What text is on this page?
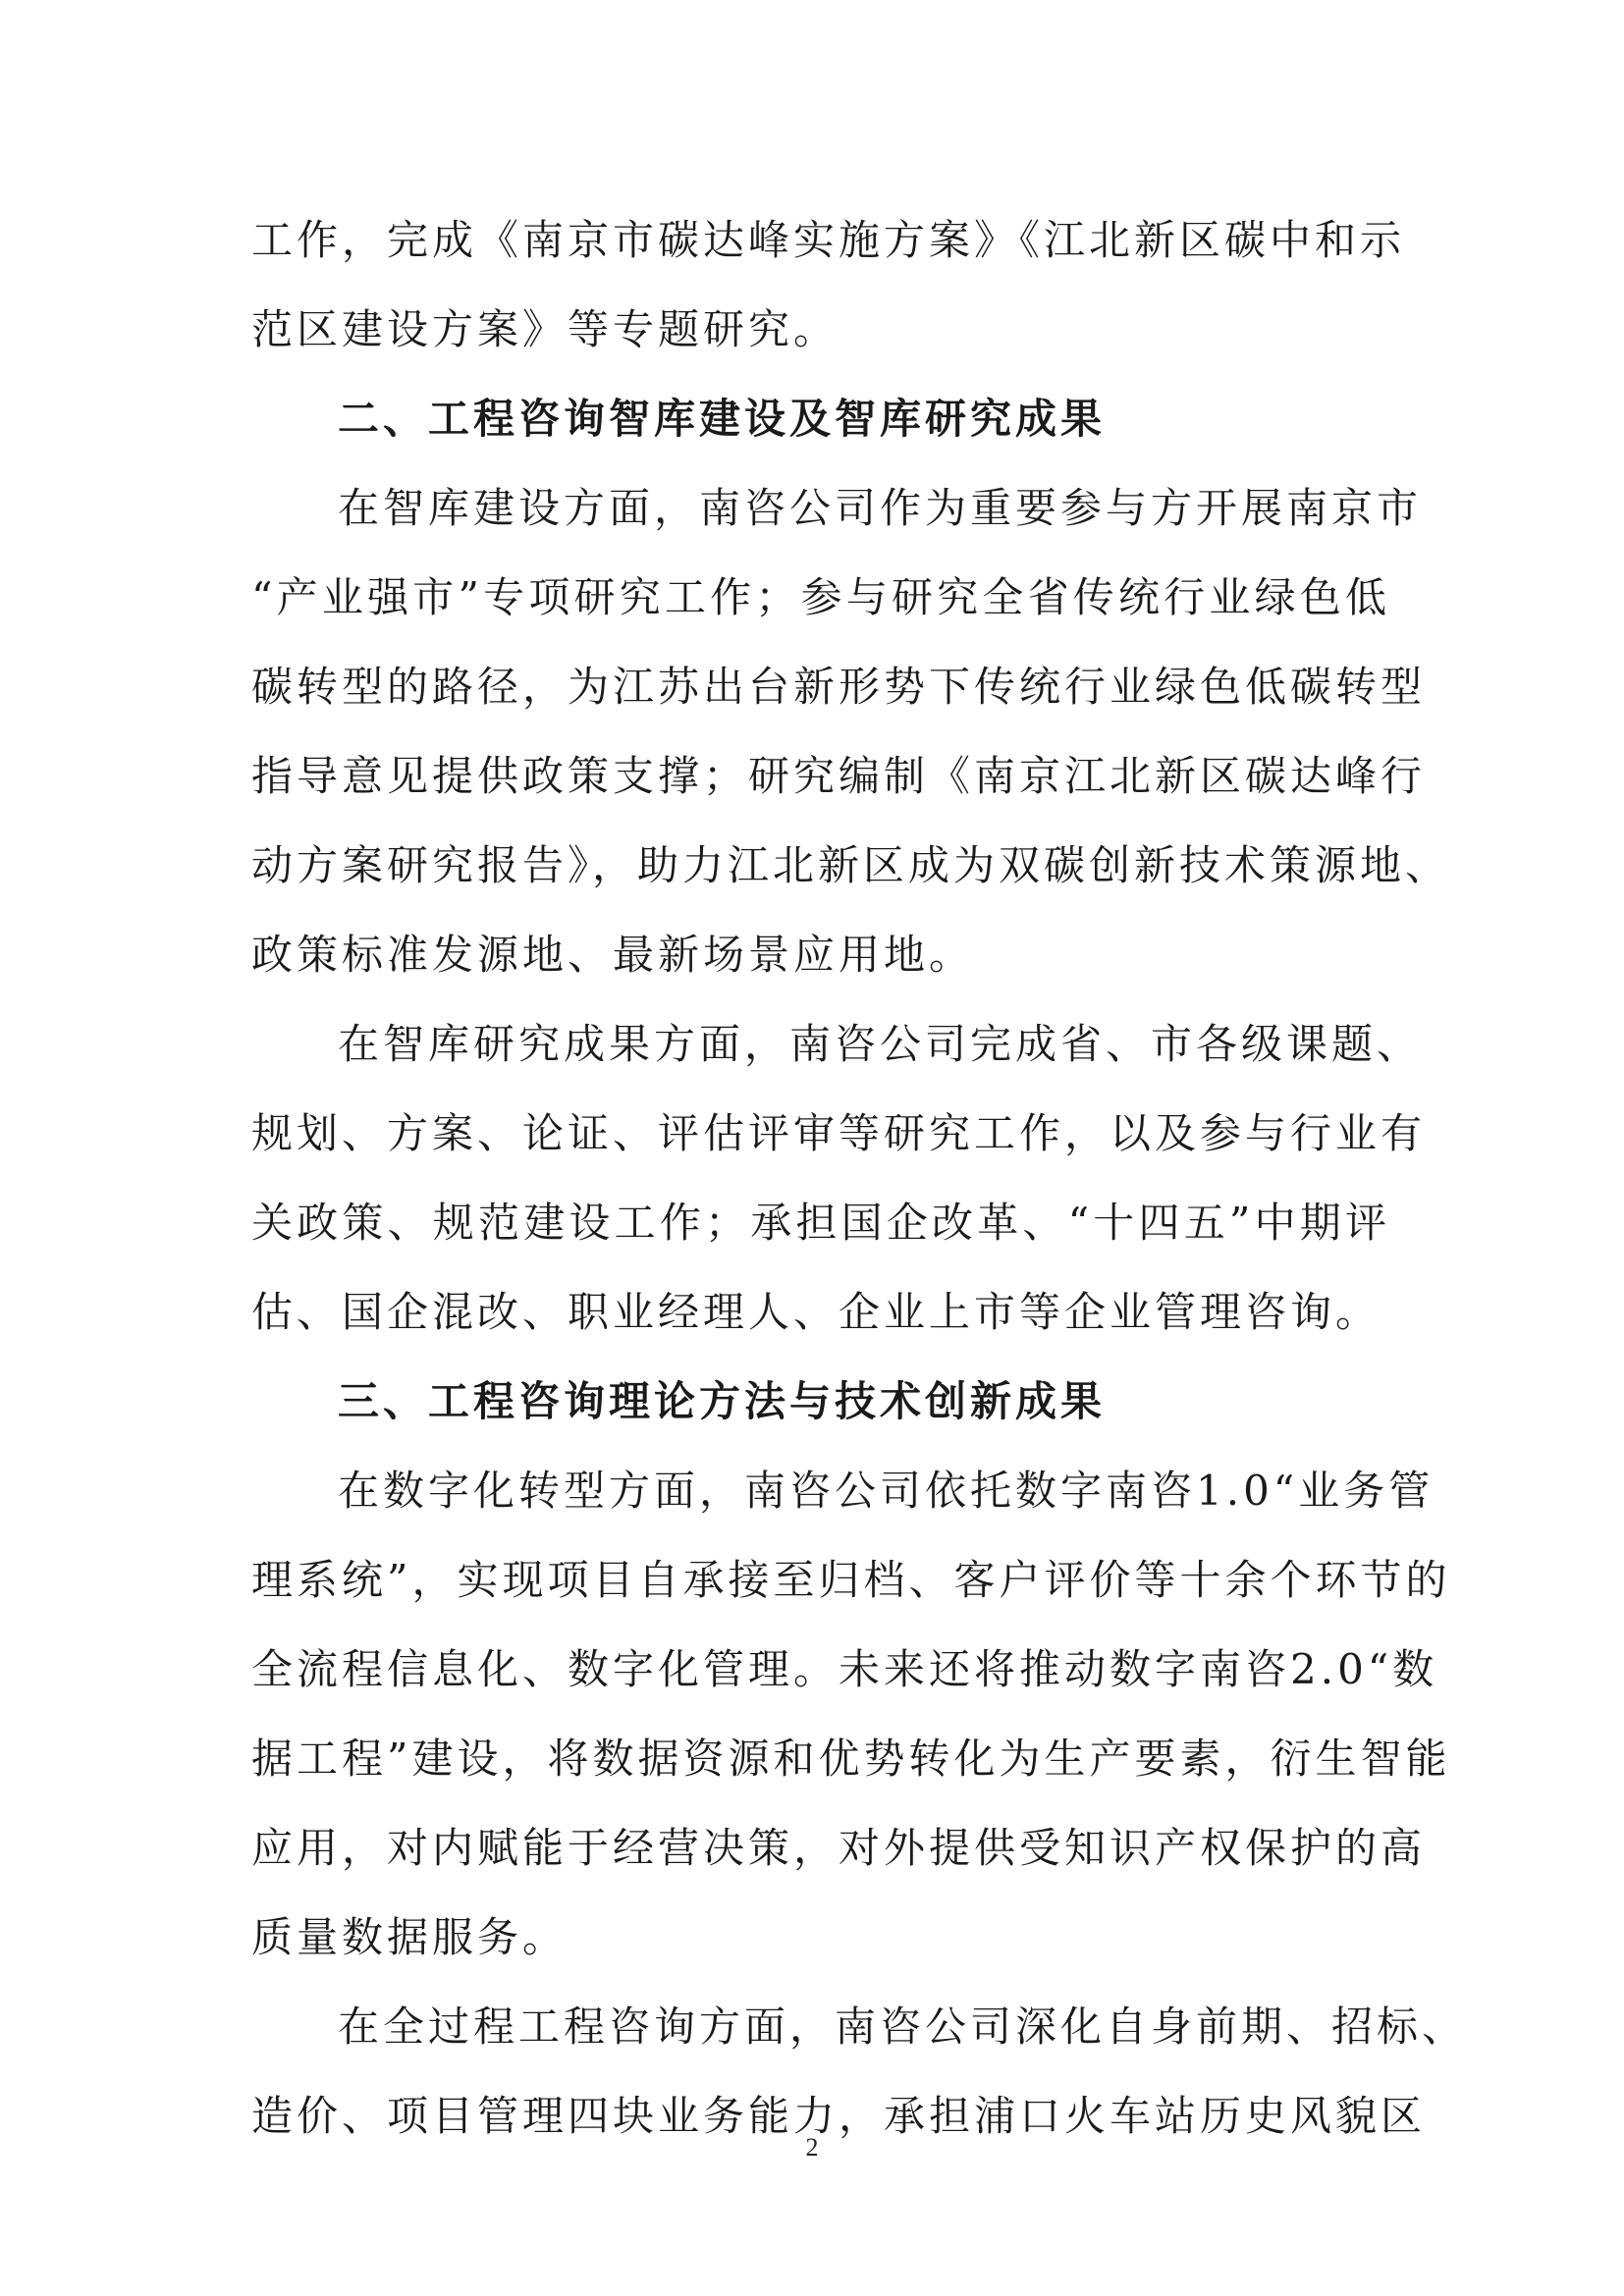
工作，完成《南京市碳达峰实施方案》《江北新区碳中和示
范区建设方案》等专题研究。
二、工程咨询智库建设及智库研究成果
在智库建设方面，南咨公司作为重要参与方开展南京市
“产业强市”专项研究工作；参与研究全省传统行业绿色低
碳转型的路径，为江苏出台新形势下传统行业绿色低碳转型
指导意见提供政策支撑；研究编制《南京江北新区碳达峰行
动方案研究报告》，助力江北新区成为双碳创新技术策源地、
政策标准发源地、最新场景应用地。
在智库研究成果方面，南咨公司完成省、市各级课题、
规划、方案、论证、评估评审等研究工作，以及参与行业有
关政策、规范建设工作；承担国企改革、“十四五”中期评
估、国企混改、职业经理人、企业上市等企业管理咨询。
三、工程咨询理论方法与技术创新成果
在数字化转型方面，南咨公司依托数字南咨1.0“业务管
理系统”，实现项目自承接至归档、客户评价等十余个环节的
全流程信息化、数字化管理。未来还将推动数字南咨2.0“数
据工程”建设，将数据资源和优势转化为生产要素，衍生智能
应用，对内赋能于经营决策，对外提供受知识产权保护的高
质量数据服务。
在全过程工程咨询方面，南咨公司深化自身前期、招标、
造价、项目管理四块业务能力，承担浦口火车站历史风貌区
2
